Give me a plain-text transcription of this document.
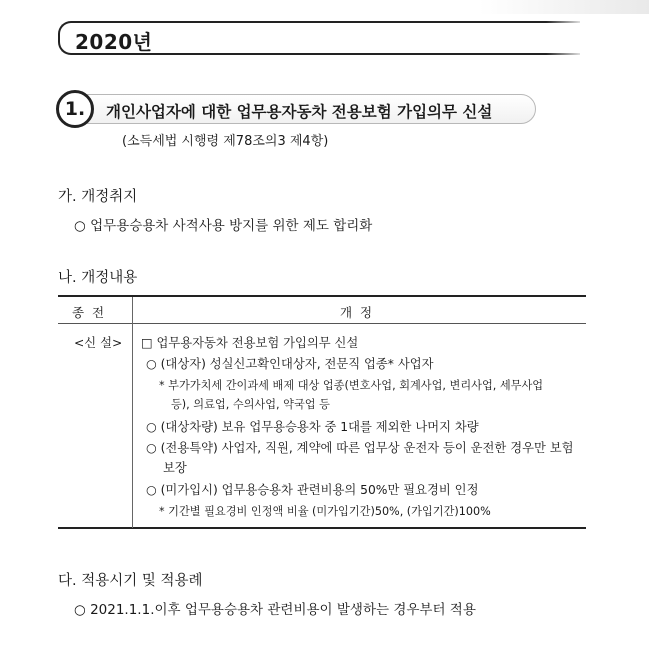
2020년
1.	개인사업자에 대한 업무용자동차 전용보험 가입의무 신설
(소득세법 시행령 제78조의3 제4항)
가. 개정취지
○ 업무용승용차 사적사용 방지를 위한 제도 합리화
나. 개정내용
종 전	개 정
<신 설> □ 업무용자동차 전용보험 가입의무 신설
○ (대상자) 성실신고확인대상자, 전문직 업종* 사업자
* 부가가치세 간이과세 배제 대상 업종(변호사업, 회계사업, 변리사업, 세무사업
등), 의료업, 수의사업, 약국업 등
○ (대상차량) 보유 업무용승용차 중 1대를 제외한 나머지 차량
○ (전용특약) 사업자, 직원, 계약에 따른 업무상 운전자 등이 운전한 경우만 보험
보장
○ (미가입시) 업무용승용차 관련비용의 50%만 필요경비 인정
* 기간별 필요경비 인정액 비율 (미가입기간)50%, (가입기간)100%
다. 적용시기 및 적용례
○ 2021.1.1.이후 업무용승용차 관련비용이 발생하는 경우부터 적용
